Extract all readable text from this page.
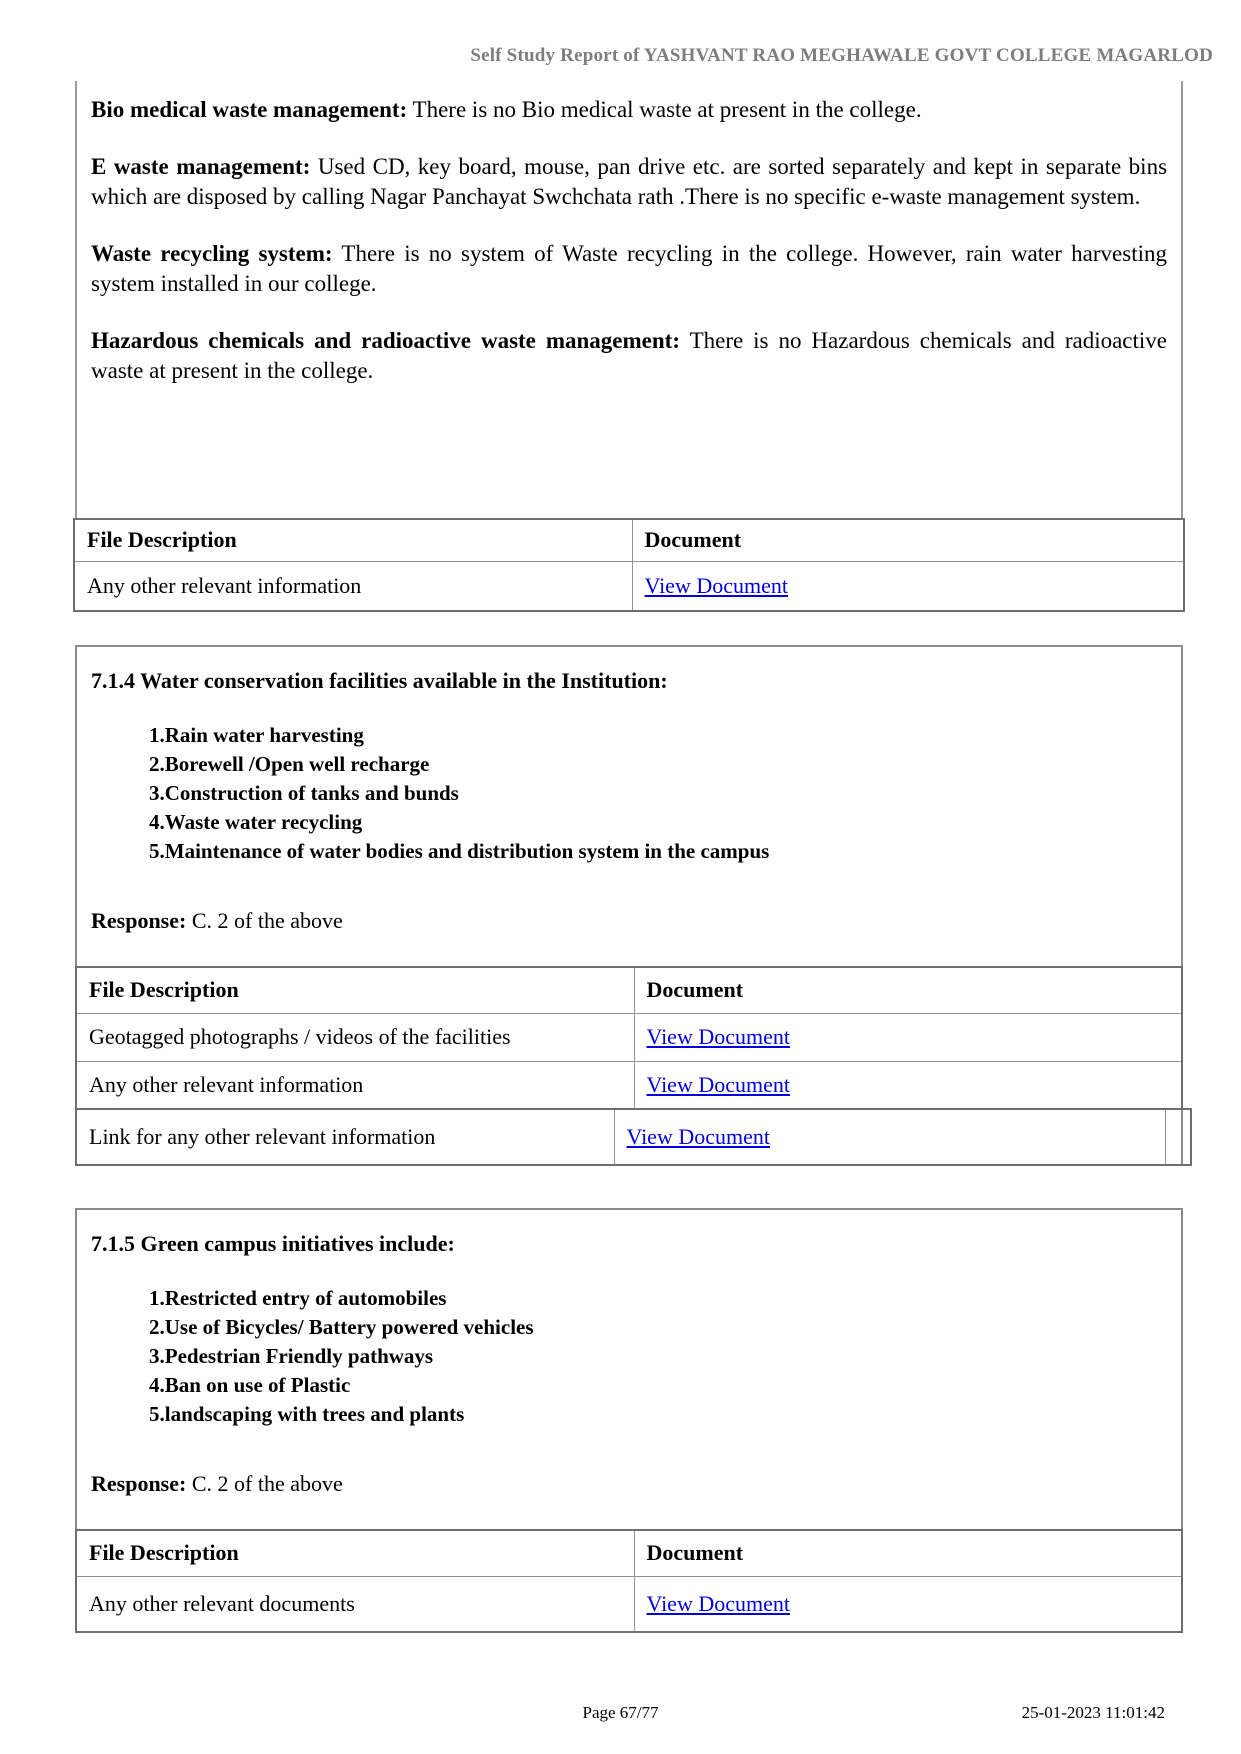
Self Study Report of YASHVANT RAO MEGHAWALE GOVT COLLEGE MAGARLOD

Bio medical waste management: There is no Bio medical waste at present in the college.

E waste management: Used CD, key board, mouse, pan drive etc. are sorted separately and kept in separate bins which are disposed by calling Nagar Panchayat Swchchata rath .There is no specific e-waste management system.

Waste recycling system: There is no system of Waste recycling in the college. However, rain water harvesting system installed in our college.

Hazardous chemicals and radioactive waste management: There is no Hazardous chemicals and radioactive waste at present in the college.

File Description	Document
Any other relevant information	View Document

7.1.4 Water conservation facilities available in the Institution:

1.Rain water harvesting
2.Borewell /Open well recharge
3.Construction of tanks and bunds
4.Waste water recycling
5.Maintenance of water bodies and distribution system in the campus
Response: C. 2 of the above
File Description	Document
Geotagged photographs / videos of the facilities	View Document
Any other relevant information	View Document
Link for any other relevant information	View Document	

7.1.5 Green campus initiatives include:

1.Restricted entry of automobiles
2.Use of Bicycles/ Battery powered vehicles
3.Pedestrian Friendly pathways
4.Ban on use of Plastic
5.landscaping with trees and plants
Response: C. 2 of the above
File Description	Document
Any other relevant documents	View Document
Page 67/77	25-01-2023 11:01:42
